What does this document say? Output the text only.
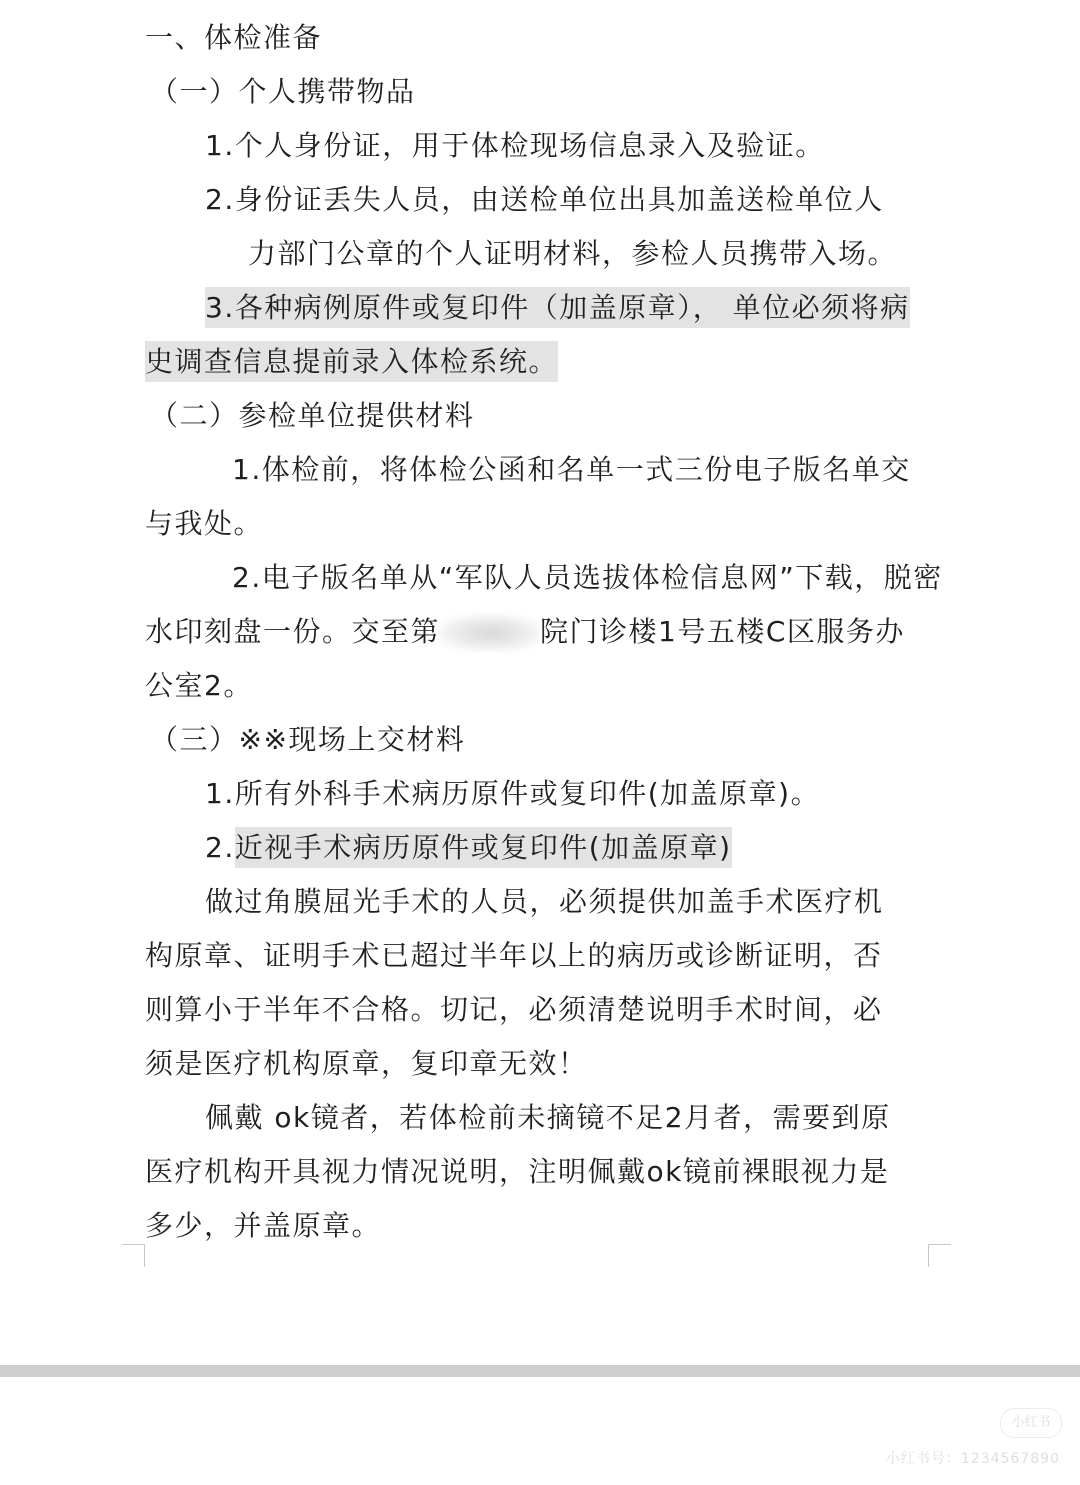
一、体检准备
（一）个人携带物品
1.个人身份证，用于体检现场信息录入及验证。
2.身份证丢失人员，由送检单位出具加盖送检单位人
力部门公章的个人证明材料，参检人员携带入场。
3.各种病例原件或复印件（加盖原章）， 单位必须将病
史调查信息提前录入体检系统。
（二）参检单位提供材料
1.体检前，将体检公函和名单一式三份电子版名单交
与我处。
2.电子版名单从“军队人员选拔体检信息网”下载，脱密
水印刻盘一份。交至第	院门诊楼1号五楼C区服务办
公室2。
（三）※※现场上交材料
1.所有外科手术病历原件或复印件(加盖原章)。
2.近视手术病历原件或复印件(加盖原章)
做过角膜屈光手术的人员，必须提供加盖手术医疗机
构原章、证明手术已超过半年以上的病历或诊断证明，否
则算小于半年不合格。切记，必须清楚说明手术时间，必
须是医疗机构原章，复印章无效！
佩戴 ok镜者，若体检前未摘镜不足2月者，需要到原
医疗机构开具视力情况说明，注明佩戴ok镜前裸眼视力是
多少，并盖原章。
小红书
小红书号：1234567890
